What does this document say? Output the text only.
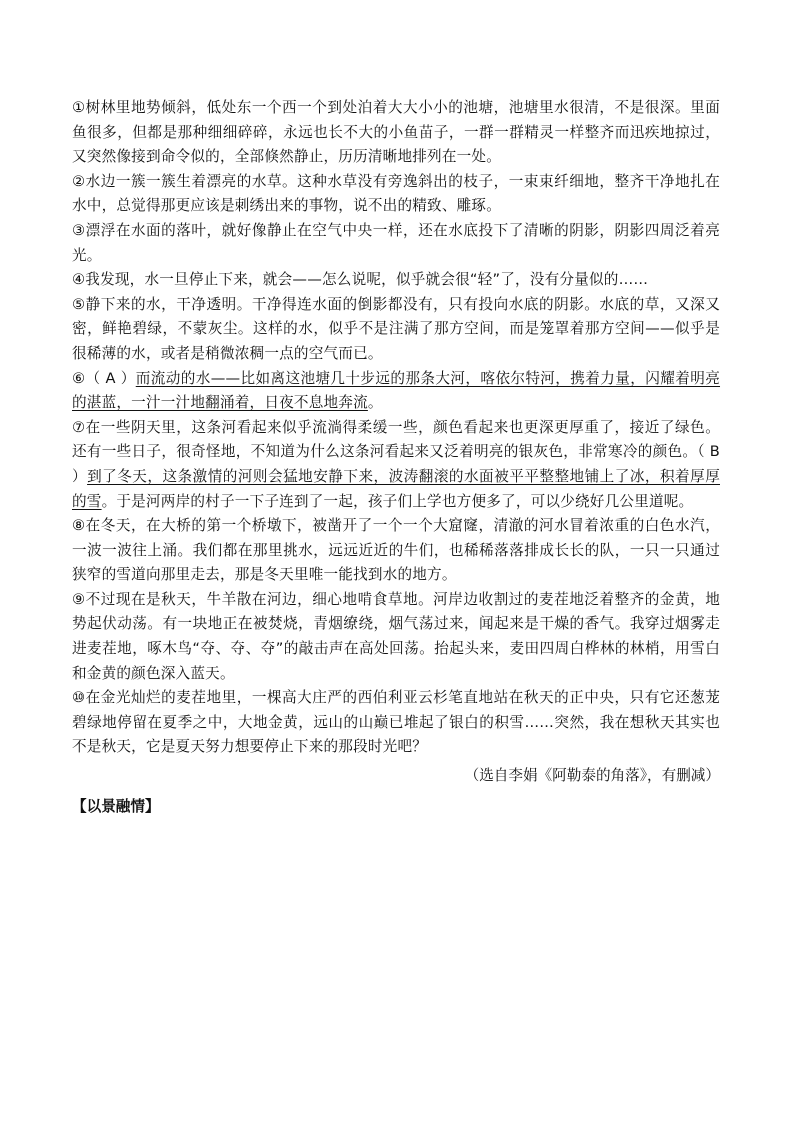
①树林里地势倾斜，低处东一个西一个到处泊着大大小小的池塘，池塘里水很清，不是很深。里面鱼很多，但都是那种细细碎碎，永远也长不大的小鱼苗子，一群一群精灵一样整齐而迅疾地掠过，又突然像接到命令似的，全部倏然静止，历历清晰地排列在一处。

②水边一簇一簇生着漂亮的水草。这种水草没有旁逸斜出的枝子，一束束纤细地，整齐干净地扎在水中，总觉得那更应该是刺绣出来的事物，说不出的精致、雕琢。

③漂浮在水面的落叶，就好像静止在空气中央一样，还在水底投下了清晰的阴影，阴影四周泛着亮光。

④我发现，水一旦停止下来，就会——怎么说呢，似乎就会很“轻”了，没有分量似的……

⑤静下来的水，干净透明。干净得连水面的倒影都没有，只有投向水底的阴影。水底的草，又深又密，鲜艳碧绿，不蒙灰尘。这样的水，似乎不是注满了那方空间，而是笼罩着那方空间——似乎是很稀薄的水，或者是稍微浓稠一点的空气而已。

⑥（ A ）而流动的水——比如离这池塘几十步远的那条大河，喀依尔特河，携着力量，闪耀着明亮的湛蓝，一汁一汁地翻涌着，日夜不息地奔流。

⑦在一些阴天里，这条河看起来似乎流淌得柔缓一些，颜色看起来也更深更厚重了，接近了绿色。还有一些日子，很奇怪地，不知道为什么这条河看起来又泛着明亮的银灰色，非常寒冷的颜色。（ B ）到了冬天，这条激情的河则会猛地安静下来，波涛翻滚的水面被平平整整地铺上了冰，积着厚厚的雪。于是河两岸的村子一下子连到了一起，孩子们上学也方便多了，可以少绕好几公里道呢。

⑧在冬天，在大桥的第一个桥墩下，被凿开了一个一个大窟窿，清澈的河水冒着浓重的白色水汽，一波一波往上涌。我们都在那里挑水，远远近近的牛们，也稀稀落落排成长长的队，一只一只通过狭窄的雪道向那里走去，那是冬天里唯一能找到水的地方。

⑨不过现在是秋天，牛羊散在河边，细心地啃食草地。河岸边收割过的麦茬地泛着整齐的金黄，地势起伏动荡。有一块地正在被焚烧，青烟缭绕，烟气荡过来，闻起来是干燥的香气。我穿过烟雾走进麦茬地，啄木鸟“夺、夺、夺”的敲击声在高处回荡。抬起头来，麦田四周白桦林的林梢，用雪白和金黄的颜色深入蓝天。

⑩在金光灿烂的麦茬地里，一棵高大庄严的西伯利亚云杉笔直地站在秋天的正中央，只有它还葱茏碧绿地停留在夏季之中，大地金黄，远山的山巅已堆起了银白的积雪……突然，我在想秋天其实也不是秋天，它是夏天努力想要停止下来的那段时光吧？

（选自李娟《阿勒泰的角落》，有删减）

【以景融情】
